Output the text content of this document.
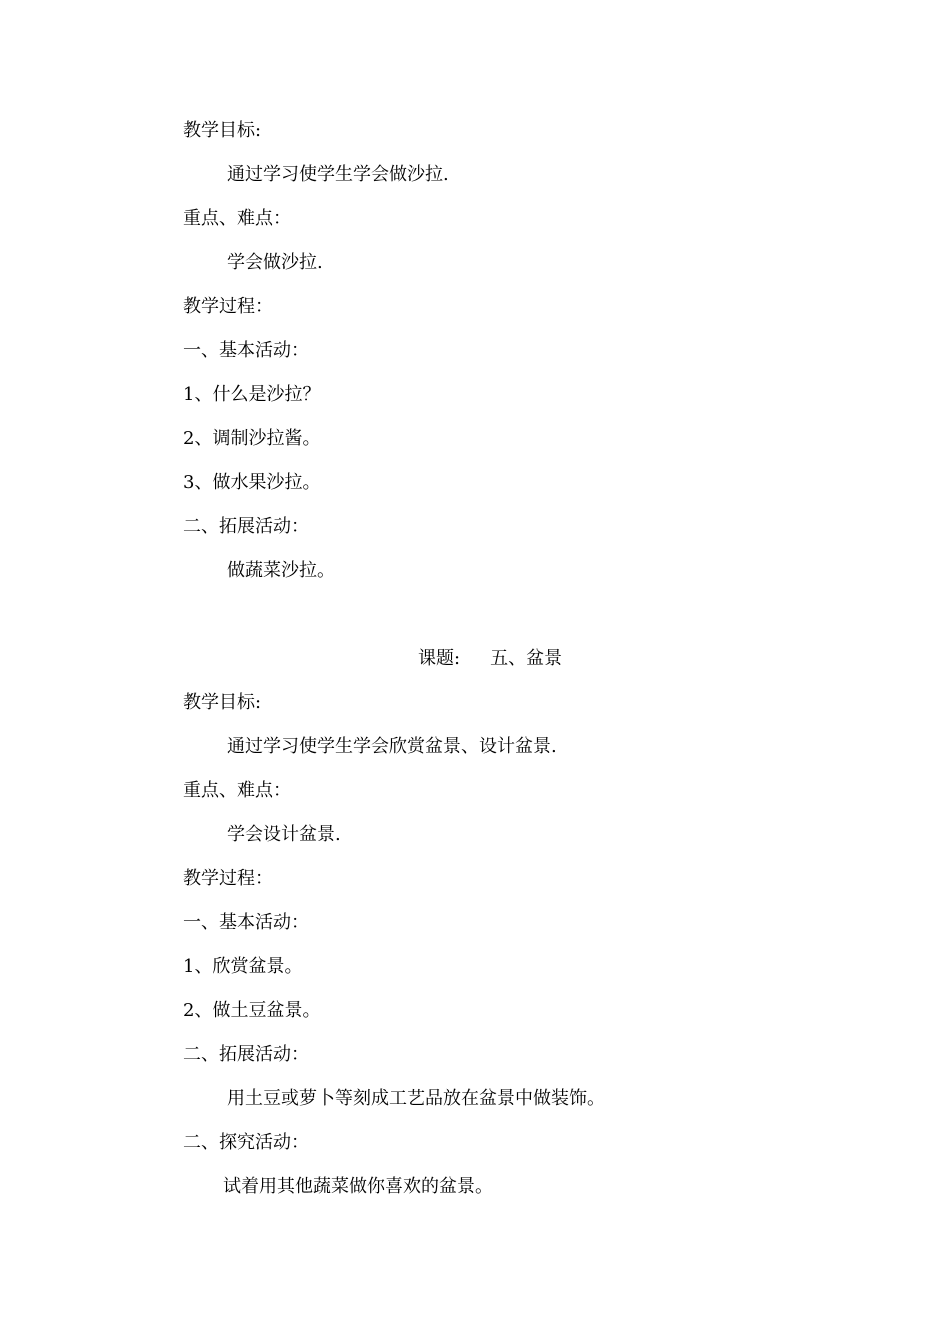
教学目标:
通过学习使学生学会做沙拉.
重点、难点：
学会做沙拉.
教学过程：
一、基本活动：
1、什么是沙拉？
2、调制沙拉酱。
3、做水果沙拉。
二、拓展活动：
做蔬菜沙拉。
课题: 五、盆景
教学目标:
通过学习使学生学会欣赏盆景、设计盆景.
重点、难点：
学会设计盆景.
教学过程：
一、基本活动：
1、欣赏盆景。
2、做土豆盆景。
二、拓展活动：
用土豆或萝卜等刻成工艺品放在盆景中做装饰。
二、探究活动：
试着用其他蔬菜做你喜欢的盆景。
